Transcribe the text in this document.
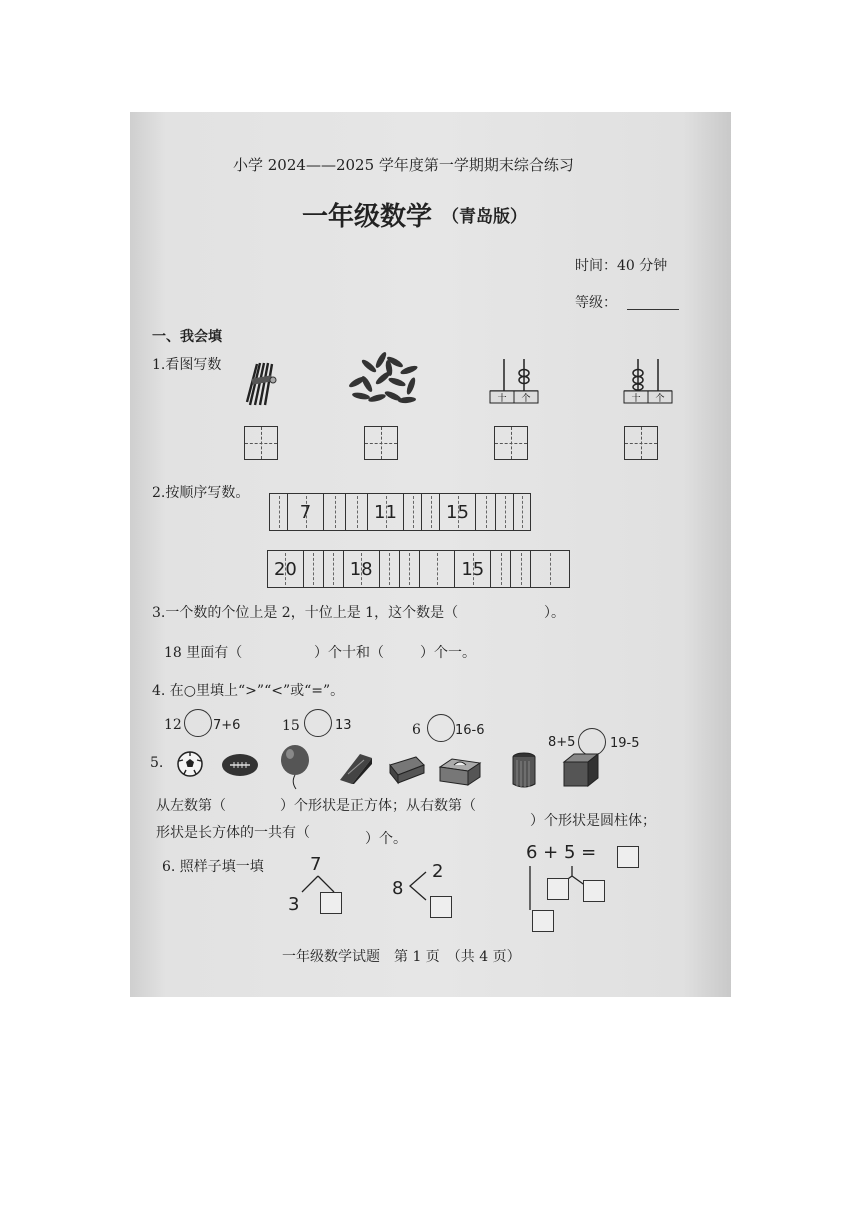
小学 2024——2025 学年度第一学期期末综合练习
一年级数学 （青岛版）
时间：40 分钟
等级：
一、我会填
1.看图写数
十 个	十 个
2.按顺序写数。
7	11	15
20	18	15
3.一个数的个位上是 2，十位上是 1，这个数是（	）。
18 里面有（	）个十和（	）个一。
4. 在○里填上“>”“<”或“=”。
12 7+6	15	13	6	16-6
8+5	19-5
5.
从左数第（	）个形状是正方体；从右数第（
）个形状是圆柱体；
形状是长方体的一共有（	）个。
6. 照样子填一填	7
3
8
2
6 + 5 =
一年级数学试题　第 1 页　（共 4 页）
